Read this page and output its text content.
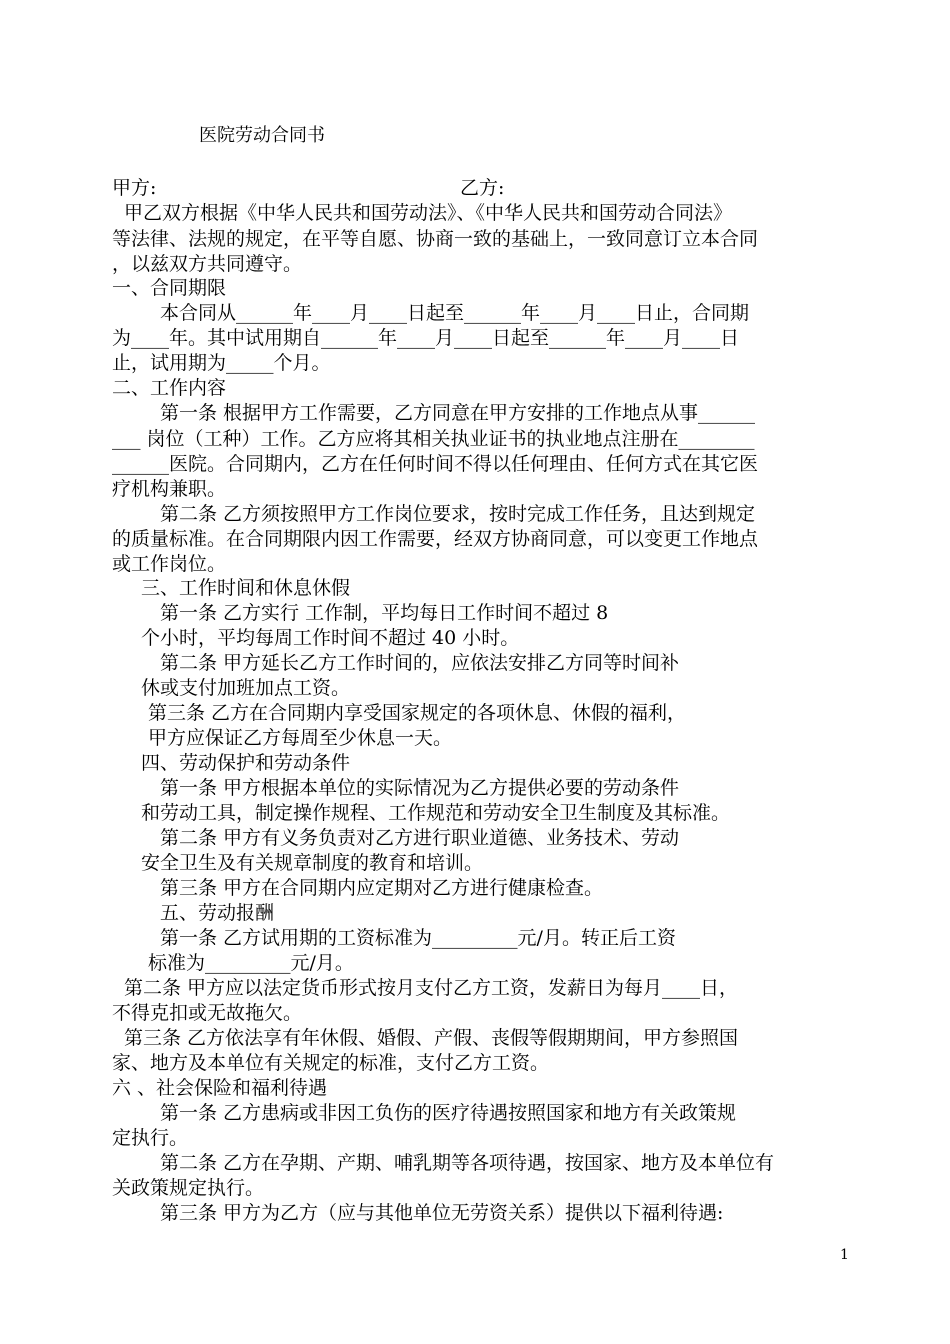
医院劳动合同书
甲方:	乙方:
甲乙双方根据《中华人民共和国劳动法》、《中华人民共和国劳动合同法》
等法律、法规的规定，在平等自愿、协商一致的基础上，一致同意订立本合同
，以兹双方共同遵守。
一、合同期限
本合同从______年____月____日起至______年____月____日止，合同期
为____年。其中试用期自______年____月____日起至______年____月____日
止，试用期为_____个月。
二、工作内容
第一条 根据甲方工作需要，乙方同意在甲方安排的工作地点从事______
___ 岗位（工种）工作。乙方应将其相关执业证书的执业地点注册在________
______医院。合同期内，乙方在任何时间不得以任何理由、任何方式在其它医
疗机构兼职。
第二条 乙方须按照甲方工作岗位要求，按时完成工作任务，且达到规定
的质量标准。在合同期限内因工作需要，经双方协商同意，可以变更工作地点
或工作岗位。
三、工作时间和休息休假
第一条 乙方实行 工作制，平均每日工作时间不超过 8
个小时，平均每周工作时间不超过 40 小时。
第二条 甲方延长乙方工作时间的，应依法安排乙方同等时间补
休或支付加班加点工资。
第三条 乙方在合同期内享受国家规定的各项休息、休假的福利，
甲方应保证乙方每周至少休息一天。
四、劳动保护和劳动条件
第一条 甲方根据本单位的实际情况为乙方提供必要的劳动条件
和劳动工具，制定操作规程、工作规范和劳动安全卫生制度及其标准。
第二条 甲方有义务负责对乙方进行职业道德、业务技术、劳动
安全卫生及有关规章制度的教育和培训。
第三条 甲方在合同期内应定期对乙方进行健康检查。
五、劳动报酬
第一条 乙方试用期的工资标准为_________元/月。转正后工资
标准为_________元/月。
第二条 甲方应以法定货币形式按月支付乙方工资，发薪日为每月____日，
不得克扣或无故拖欠。
第三条 乙方依法享有年休假、婚假、产假、丧假等假期期间，甲方参照国
家、地方及本单位有关规定的标准，支付乙方工资。
六 、社会保险和福利待遇
第一条 乙方患病或非因工负伤的医疗待遇按照国家和地方有关政策规
定执行。
第二条 乙方在孕期、产期、哺乳期等各项待遇，按国家、地方及本单位有
关政策规定执行。
第三条 甲方为乙方（应与其他单位无劳资关系）提供以下福利待遇:
1
